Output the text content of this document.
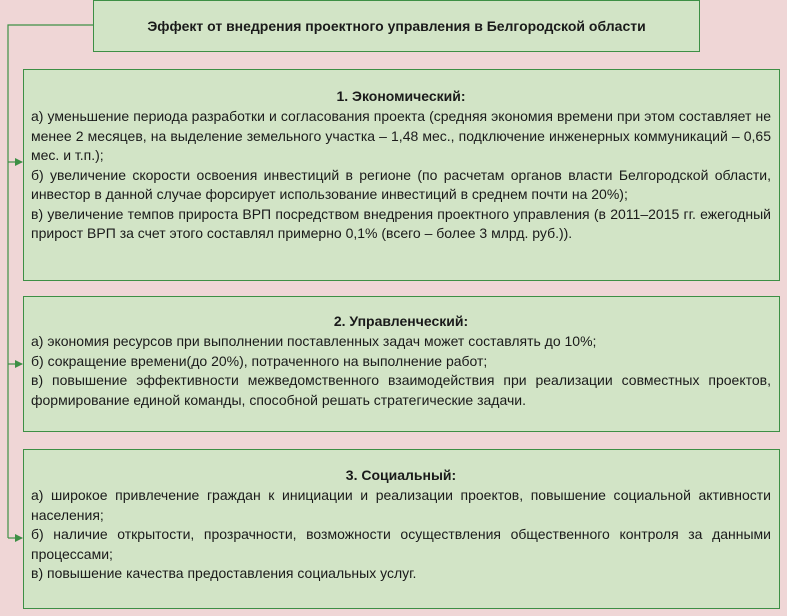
Эффект от внедрения проектного управления в Белгородской области
1. Экономический:

а) уменьшение периода разработки и согласования проекта (средняя экономия времени при этом составляет не менее 2 месяцев, на выделение земельного участка – 1,48 мес., подключение инженерных коммуникаций – 0,65 мес. и т.п.);

б) увеличение скорости освоения инвестиций в регионе (по расчетам органов власти Белгородской области, инвестор в данной случае форсирует использование инвестиций в среднем почти на 20%);

в) увеличение темпов прироста ВРП посредством внедрения проектного управления (в 2011–2015 гг. ежегодный прирост ВРП за счет этого составлял примерно 0,1% (всего – более 3 млрд. руб.)).

2. Управленческий:

а) экономия ресурсов при выполнении поставленных задач может составлять до 10%;

б) сокращение времени(до 20%), потраченного на выполнение работ;

в) повышение эффективности межведомственного взаимодействия при реализации совместных проектов, формирование единой команды, способной решать стратегические задачи.

3. Социальный:

а) широкое привлечение граждан к инициации и реализации проектов, повышение социальной активности населения;

б) наличие открытости, прозрачности, возможности осуществления общественного контроля за данными процессами;

в) повышение качества предоставления социальных услуг.
